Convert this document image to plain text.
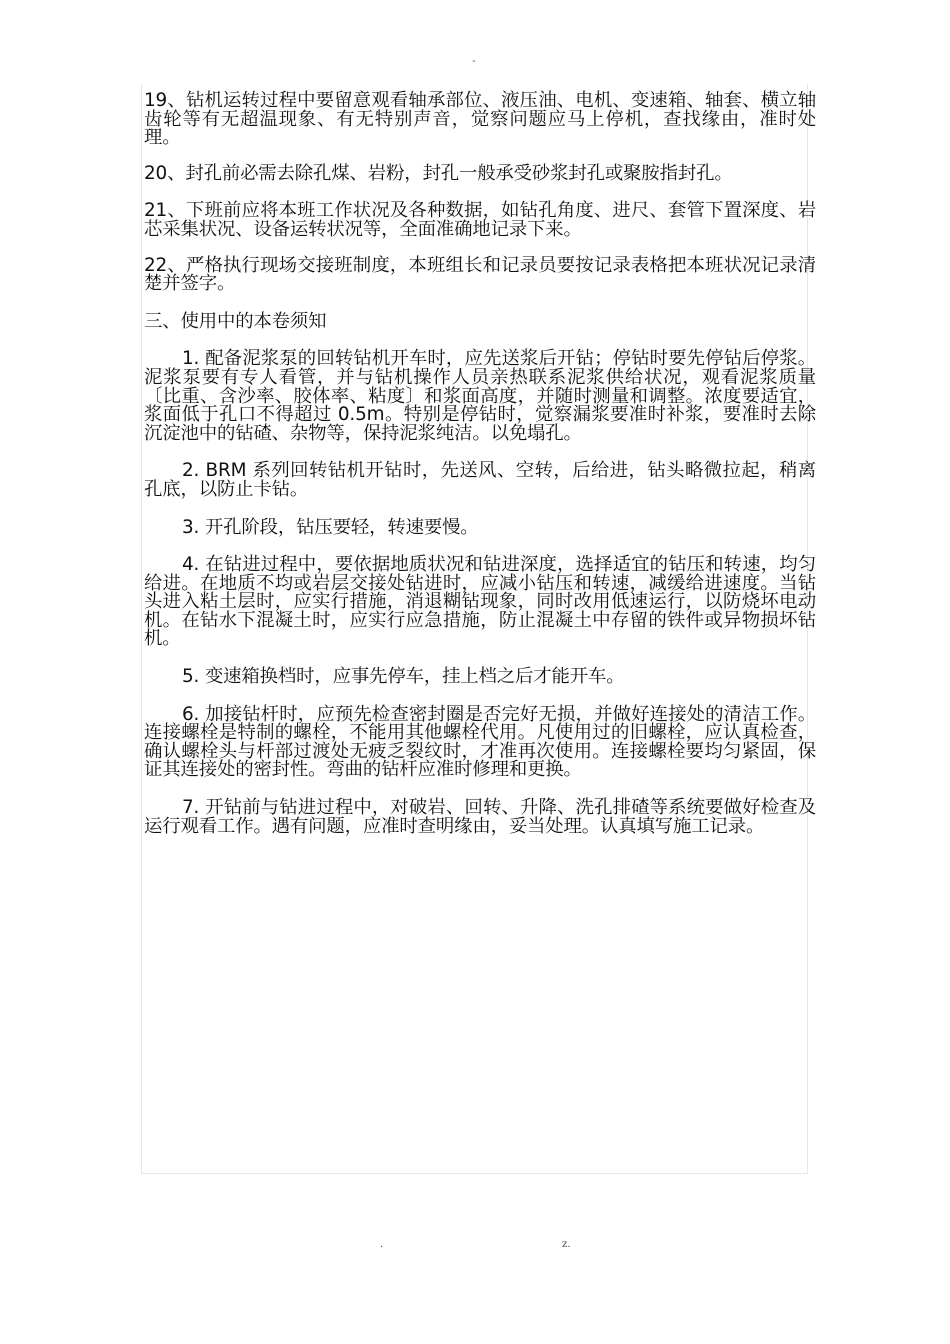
-

19、钻机运转过程中要留意观看轴承部位、液压油、电机、变速箱、轴套、横立轴齿轮等有无超温现象、有无特别声音，觉察问题应马上停机，查找缘由，准时处理。

20、封孔前必需去除孔煤、岩粉，封孔一般承受砂浆封孔或聚胺指封孔。

21、下班前应将本班工作状况及各种数据，如钻孔角度、进尺、套管下置深度、岩芯采集状况、设备运转状况等，全面准确地记录下来。

22、严格执行现场交接班制度，本班组长和记录员要按记录表格把本班状况记录清楚并签字。

三、使用中的本卷须知

1. 配备泥浆泵的回转钻机开车时，应先送浆后开钻；停钻时要先停钻后停浆。泥浆泵要有专人看管，并与钻机操作人员亲热联系泥浆供给状况，观看泥浆质量〔比重、含沙率、胶体率、粘度〕和浆面高度，并随时测量和调整。浓度要适宜，浆面低于孔口不得超过 0.5m。特别是停钻时，觉察漏浆要准时补浆，要准时去除沉淀池中的钻碴、杂物等，保持泥浆纯洁。以免塌孔。

2. BRM 系列回转钻机开钻时，先送风、空转，后给进，钻头略微拉起，稍离孔底，以防止卡钻。

3. 开孔阶段，钻压要轻，转速要慢。

4. 在钻进过程中，要依据地质状况和钻进深度，选择适宜的钻压和转速，均匀给进。在地质不均或岩层交接处钻进时，应减小钻压和转速，减缓给进速度。当钻头进入粘土层时，应实行措施，消退糊钻现象，同时改用低速运行，以防烧坏电动机。在钻水下混凝土时，应实行应急措施，防止混凝土中存留的铁件或异物损坏钻机。

5. 变速箱换档时，应事先停车，挂上档之后才能开车。

6. 加接钻杆时，应预先检查密封圈是否完好无损，并做好连接处的清洁工作。连接螺栓是特制的螺栓，不能用其他螺栓代用。凡使用过的旧螺栓，应认真检查，确认螺栓头与杆部过渡处无疲乏裂纹时，才准再次使用。连接螺栓要均匀紧固，保证其连接处的密封性。弯曲的钻杆应准时修理和更换。

7. 开钻前与钻进过程中，对破岩、回转、升降、洗孔排碴等系统要做好检查及运行观看工作。遇有问题，应准时查明缘由，妥当处理。认真填写施工记录。

.	z.
